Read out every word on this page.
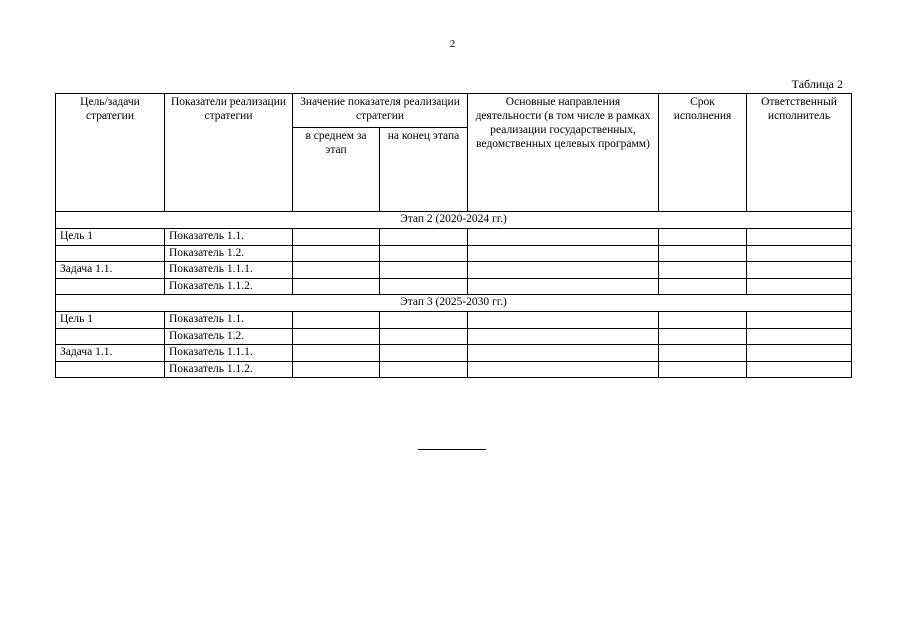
2
Таблица 2
Цель/задачи стратегии	Показатели реализации стратегии	Значение показателя реализации стратегии		Основные направления деятельности (в том числе в рамках реализации государственных, ведомственных целевых программ)	Срок исполнения	Ответственный исполнитель
		в среднем за этап	на конец этапа			
Этап 2 (2020-2024 гг.)						
Цель 1	Показатель 1.1.					
	Показатель 1.2.					
Задача 1.1.	Показатель 1.1.1.					
	Показатель 1.1.2.					
Этап 3 (2025-2030 гг.)						
Цель 1	Показатель 1.1.					
	Показатель 1.2.					
Задача 1.1.	Показатель 1.1.1.					
	Показатель 1.1.2.					
